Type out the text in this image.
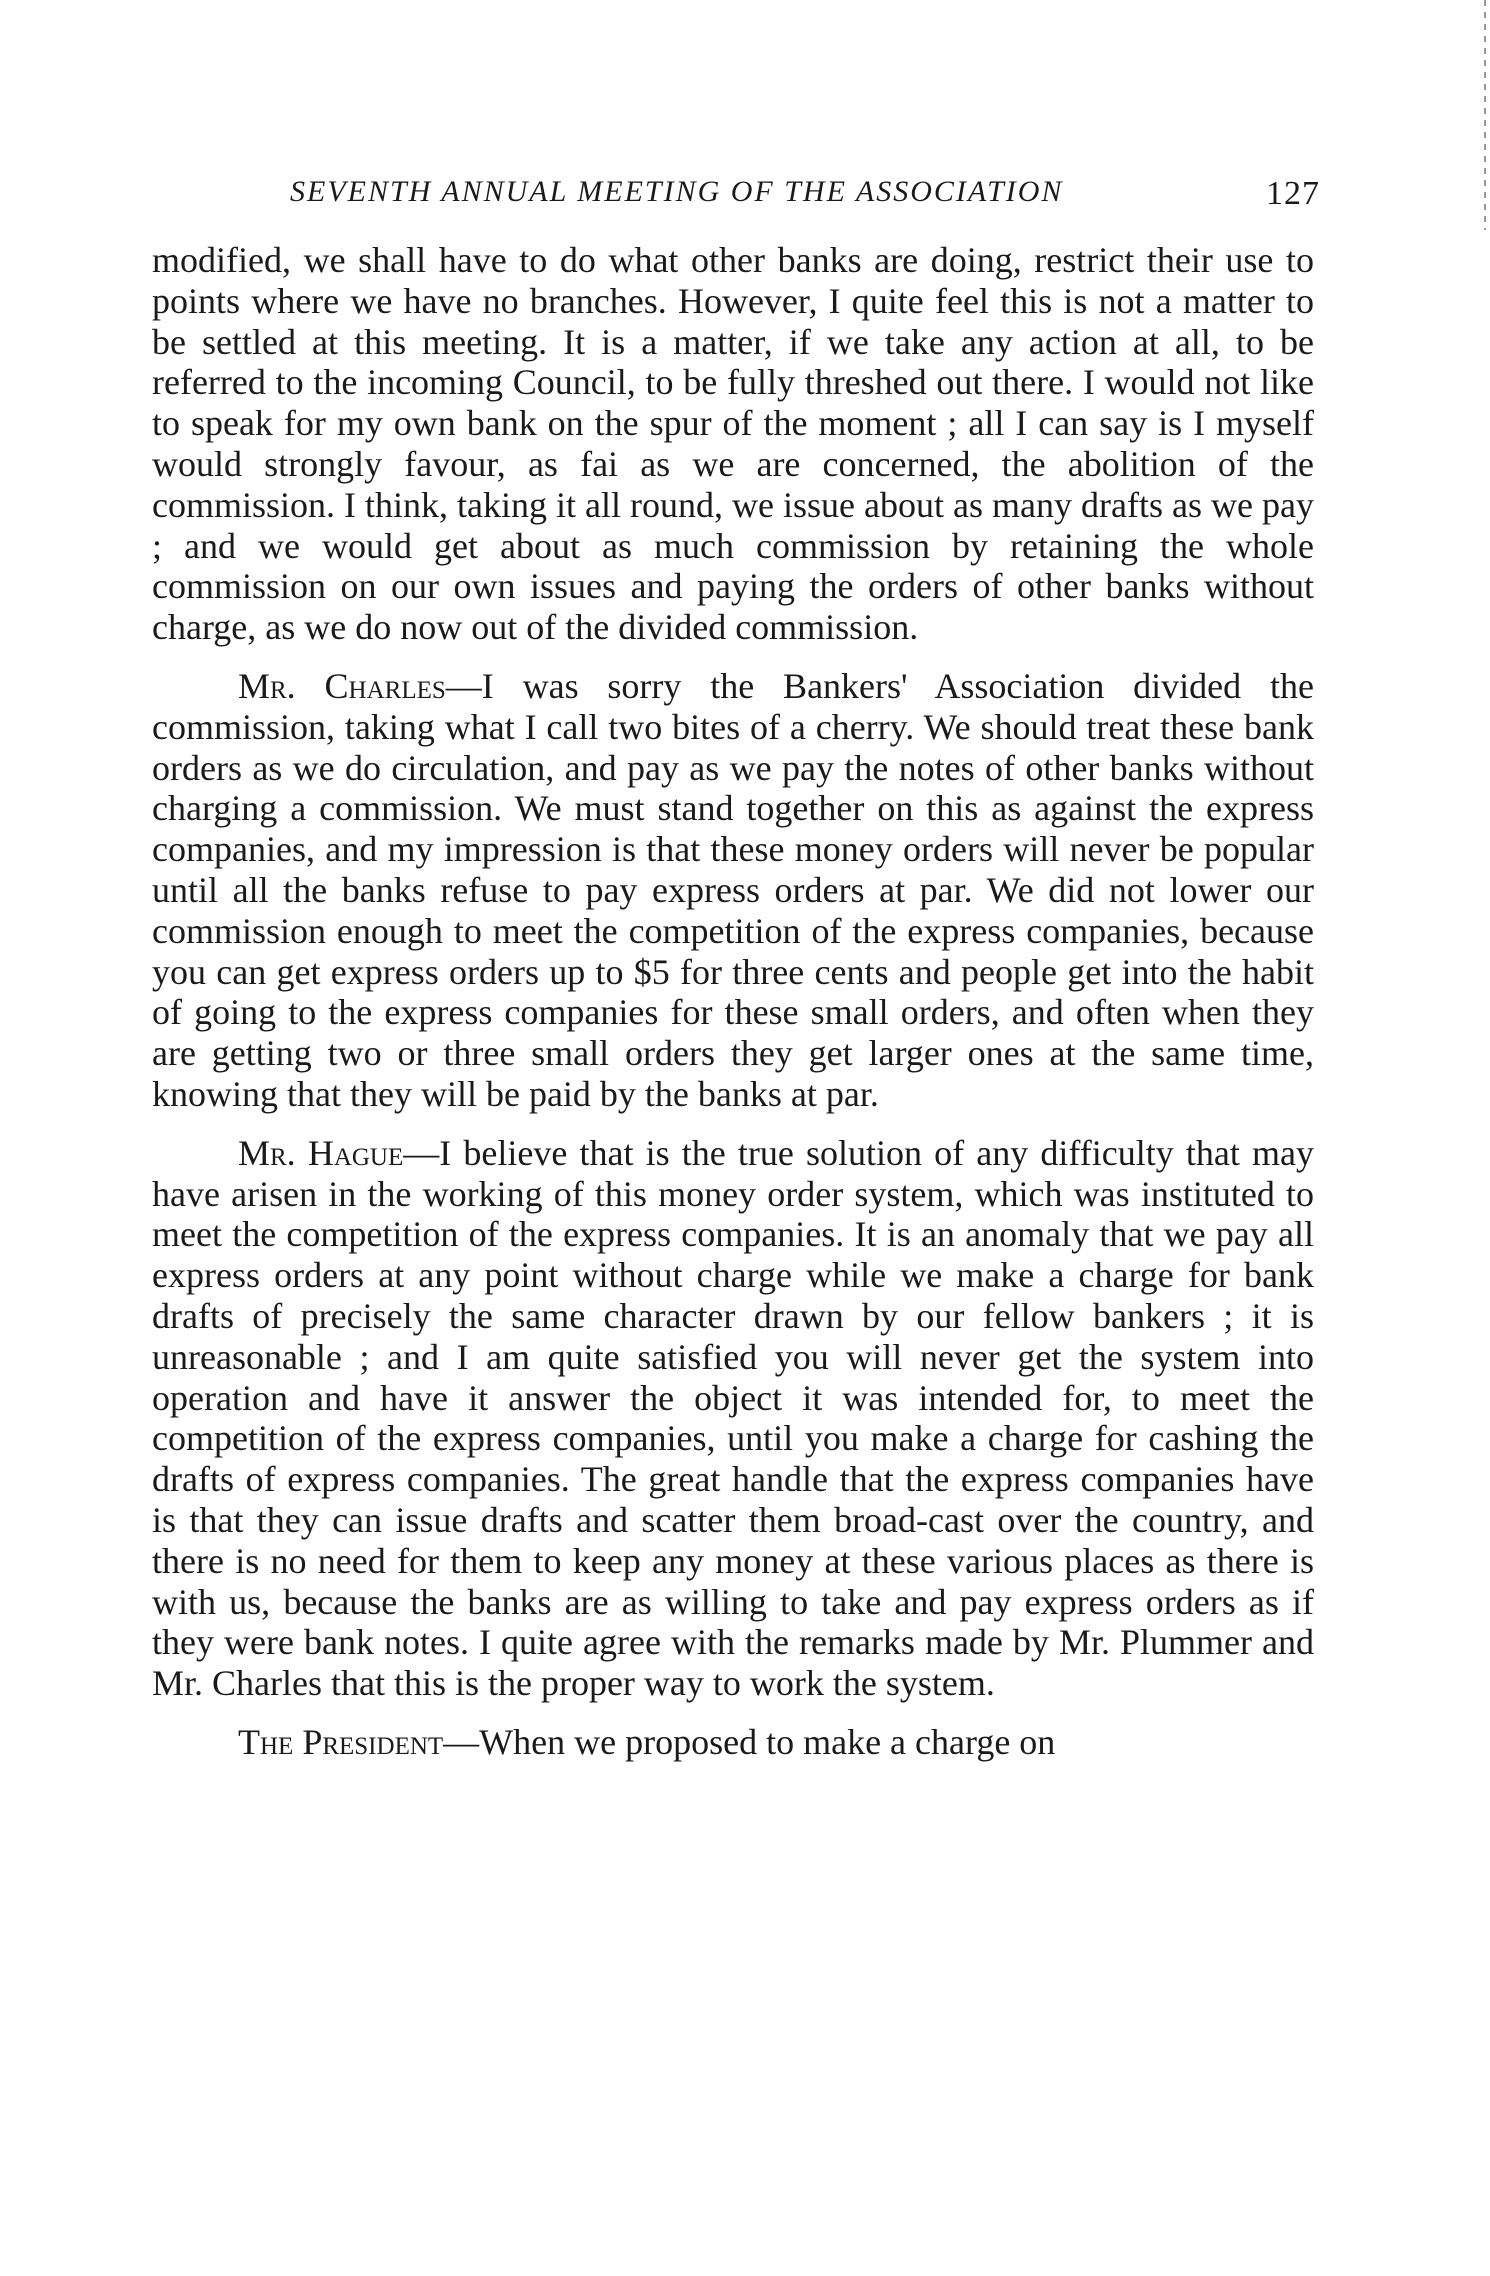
SEVENTH ANNUAL MEETING OF THE ASSOCIATION	127

modified, we shall have to do what other banks are doing, restrict their use to points where we have no branches. However, I quite feel this is not a matter to be settled at this meeting. It is a matter, if we take any action at all, to be referred to the incoming Council, to be fully threshed out there. I would not like to speak for my own bank on the spur of the moment ; all I can say is I myself would strongly favour, as fai as we are concerned, the abolition of the commission. I think, taking it all round, we issue about as many drafts as we pay ; and we would get about as much commission by retaining the whole commission on our own issues and paying the orders of other banks without charge, as we do now out of the divided commission.

Mr. Charles—I was sorry the Bankers' Association divided the commission, taking what I call two bites of a cherry. We should treat these bank orders as we do circulation, and pay as we pay the notes of other banks without charging a commission. We must stand together on this as against the express companies, and my impression is that these money orders will never be popular until all the banks refuse to pay express orders at par. We did not lower our commission enough to meet the competition of the express companies, because you can get express orders up to $5 for three cents and people get into the habit of going to the express companies for these small orders, and often when they are getting two or three small orders they get larger ones at the same time, knowing that they will be paid by the banks at par.

Mr. Hague—I believe that is the true solution of any difficulty that may have arisen in the working of this money order system, which was instituted to meet the competition of the express companies. It is an anomaly that we pay all express orders at any point without charge while we make a charge for bank drafts of precisely the same character drawn by our fellow bankers ; it is unreasonable ; and I am quite satisfied you will never get the system into operation and have it answer the object it was intended for, to meet the competition of the express companies, until you make a charge for cashing the drafts of express companies. The great handle that the express companies have is that they can issue drafts and scatter them broad-cast over the country, and there is no need for them to keep any money at these various places as there is with us, because the banks are as willing to take and pay express orders as if they were bank notes. I quite agree with the remarks made by Mr. Plummer and Mr. Charles that this is the proper way to work the system.

The President—When we proposed to make a charge on
